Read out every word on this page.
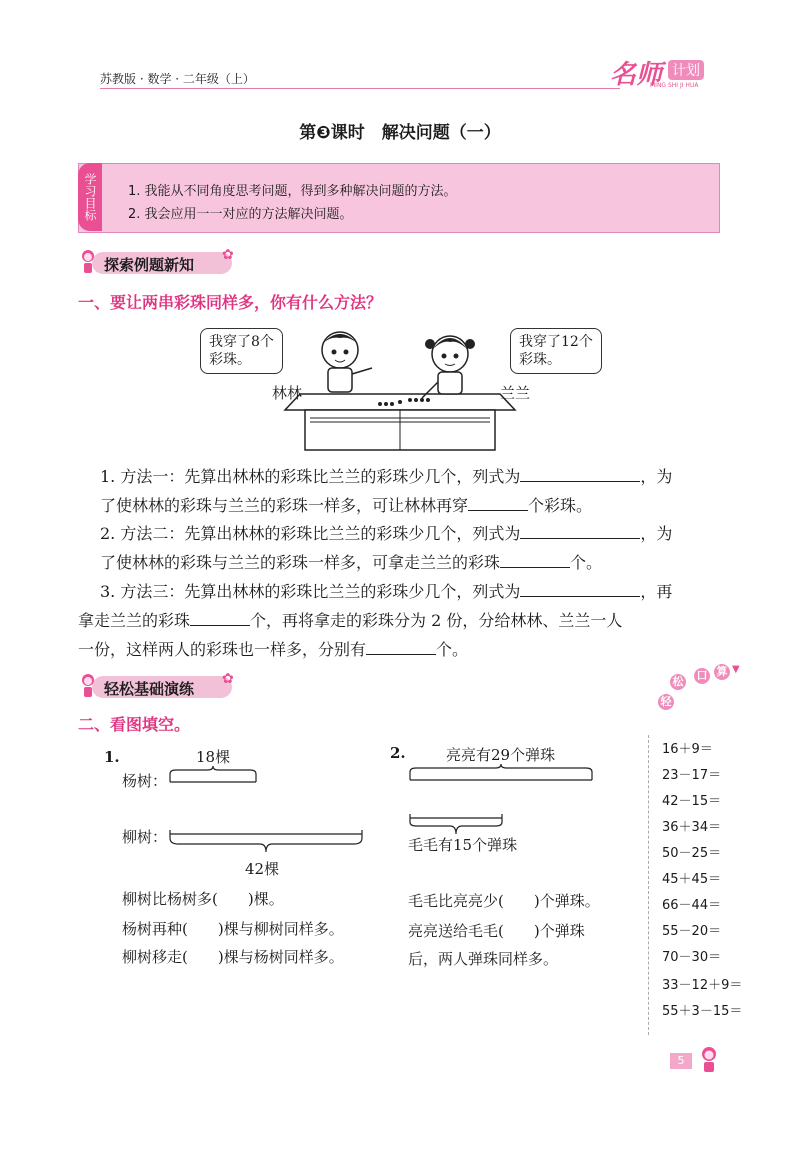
苏教版 · 数学 · 二年级（上）	名师 计划
MING SHI JI HUA
第❸课时　解决问题（一）
学习目标	1. 我能从不同角度思考问题，得到多种解决问题的方法。
2. 我会应用一一对应的方法解决问题。
探索例题新知
✿
一、要让两串彩珠同样多，你有什么方法？
我穿了8个
彩珠。
我穿了12个
彩珠。
林林	兰兰
1. 方法一：先算出林林的彩珠比兰兰的彩珠少几个，列式为	，为
了使林林的彩珠与兰兰的彩珠一样多，可让林林再穿	个彩珠。
2. 方法二：先算出林林的彩珠比兰兰的彩珠少几个，列式为	，为
了使林林的彩珠与兰兰的彩珠一样多，可拿走兰兰的彩珠	个。
3. 方法三：先算出林林的彩珠比兰兰的彩珠少几个，列式为	，再
拿走兰兰的彩珠	个，再将拿走的彩珠分为 2 份，分给林林、兰兰一人
一份，这样两人的彩珠也一样多，分别有	个。
轻松基础演练
✿
二、看图填空。
1.	18棵
杨树：
柳树：
42棵
柳树比杨树多(　　)棵。
杨树再种(　　)棵与柳树同样多。
柳树移走(　　)棵与杨树同样多。
2.	亮亮有29个弹珠
毛毛有15个弹珠
毛毛比亮亮少(　　)个弹珠。
亮亮送给毛毛(　　)个弹珠
后，两人弹珠同样多。
轻
松 口 算 ▼
16＋9＝
23－17＝
42－15＝
36＋34＝
50－25＝
45＋45＝
66－44＝
55－20＝
70－30＝
33－12＋9＝
55＋3－15＝
5
